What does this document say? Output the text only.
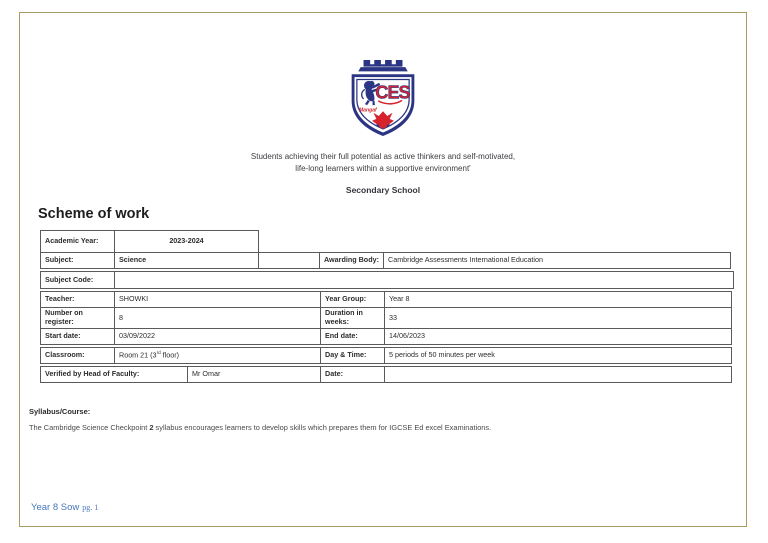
CES
Mangaf
Students achieving their full potential as active thinkers and self-motivated,
life-long learners within a supportive environment'
Secondary School
Scheme of work
Academic Year:	2023-2024
Subject:	Science	Awarding Body:	Cambridge Assessments International Education
Subject Code:
Teacher:	SHOWKI	Year Group:	Year 8
Number on register:	8	Duration in weeks:	33
Start date:	03/09/2022	End date:	14/06/2023
Classroom:	Room 21 (3rd floor)	Day & Time:	5 periods of 50 minutes per week
Verified by Head of Faculty:	Mr Omar	Date:
Syllabus/Course:
The Cambridge Science Checkpoint 2 syllabus encourages learners to develop skills which prepares them for IGCSE Ed excel Examinations.
Year 8 Sow pg. 1
